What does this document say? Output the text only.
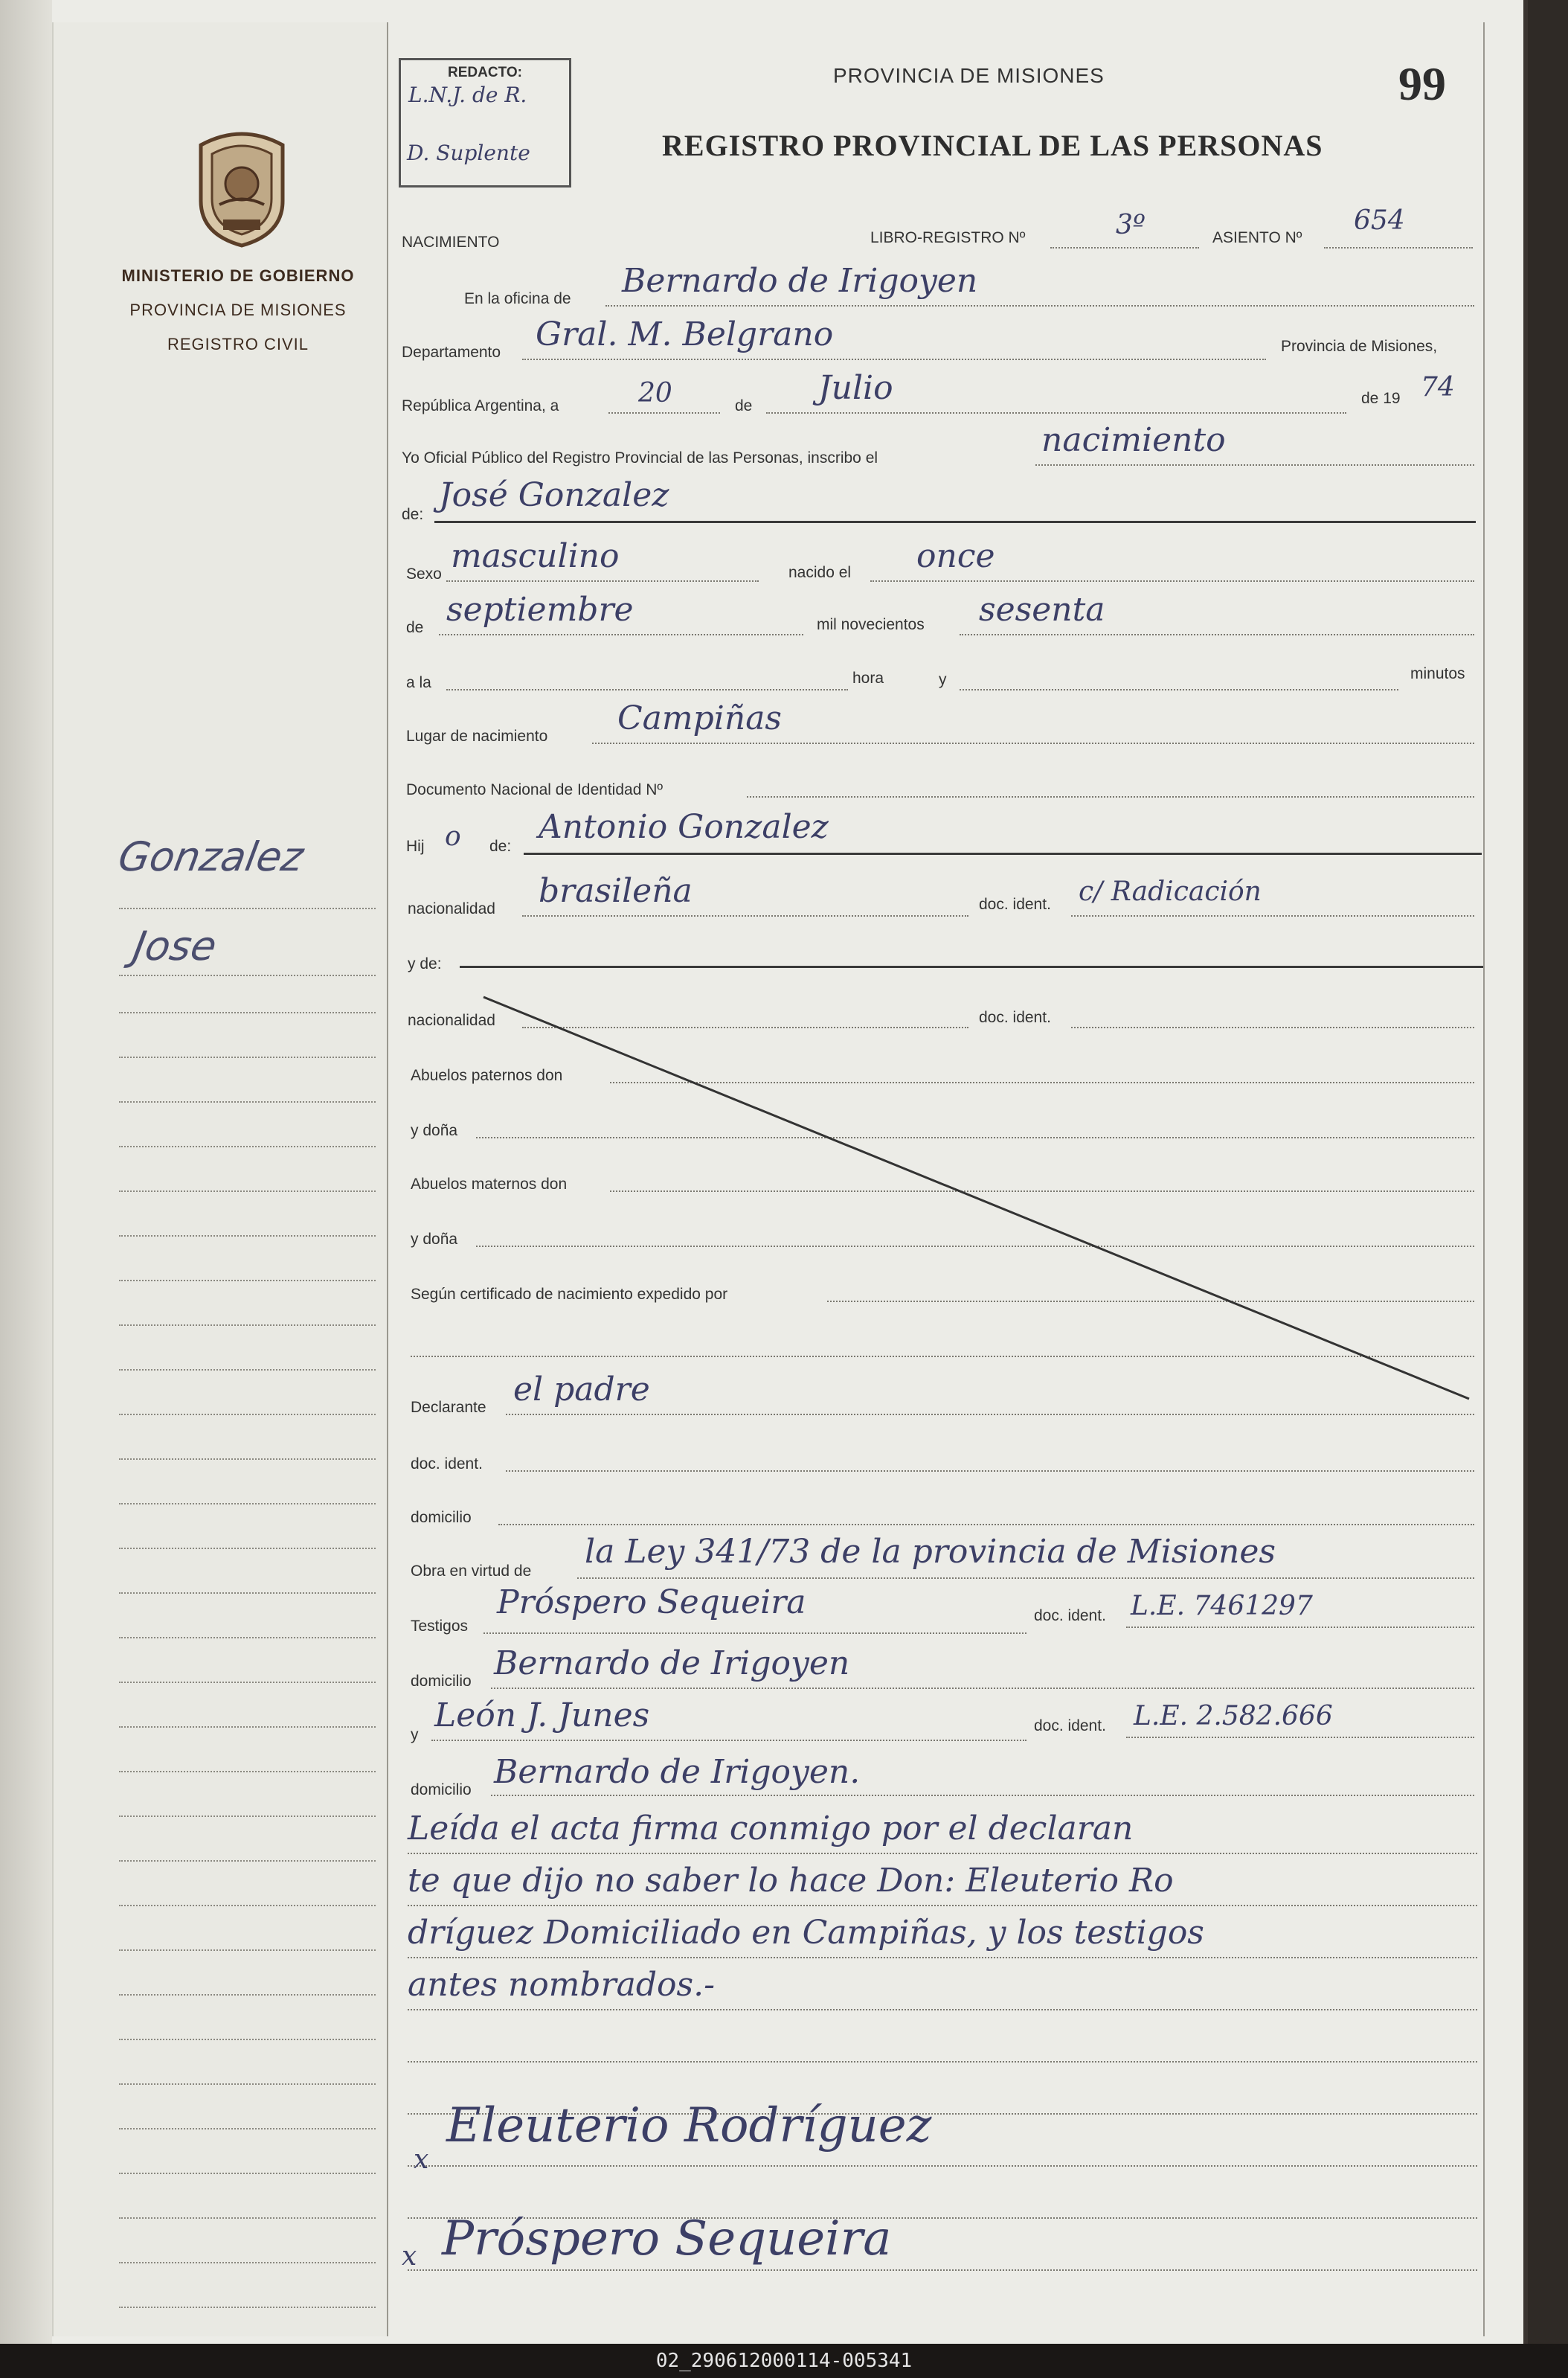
MINISTERIO DE GOBIERNO
PROVINCIA DE MISIONES
REGISTRO CIVIL
Gonzalez
Jose
REDACTO:
L.N.J. de R.
D. Suplente
PROVINCIA DE MISIONES
REGISTRO PROVINCIAL DE LAS PERSONAS
99
NACIMIENTO	LIBRO-REGISTRO Nº	3º	ASIENTO Nº
654
En la oficina de Bernardo de Irigoyen
Departamento Gral. M. Belgrano	Provincia de Misiones,
República Argentina, a	20	de Julio	de 19 74
Yo Oficial Público del Registro Provincial de las Personas, inscribo el	nacimiento
de:
José Gonzalez
Sexo masculino	nacido el once
de septiembre	mil novecientos sesenta
a la	hora	y	minutos
Lugar de nacimiento Campiñas
Documento Nacional de Identidad Nº
Hij o de:
Antonio Gonzalez
nacionalidad brasileña	doc. ident. c/ Radicación
y de:
nacionalidad	doc. ident.
Abuelos paternos don
y doña
Abuelos maternos don
y doña
Según certificado de nacimiento expedido por
Declarante el padre
doc. ident.
domicilio
Obra en virtud de
la Ley 341/73 de la provincia de Misiones
Testigos
Próspero Sequeira	doc. ident. L.E. 7461297
domicilio Bernardo de Irigoyen
y
León J. Junes	doc. ident. L.E. 2.582.666
domicilio Bernardo de Irigoyen.
Leída el acta firma conmigo por el declaran
te que dijo no saber lo hace Don: Eleuterio Ro
dríguez Domiciliado en Campiñas, y los testigos
antes nombrados.-
x
Eleuterio Rodríguez
x Próspero Sequeira
02_290612000114-005341
